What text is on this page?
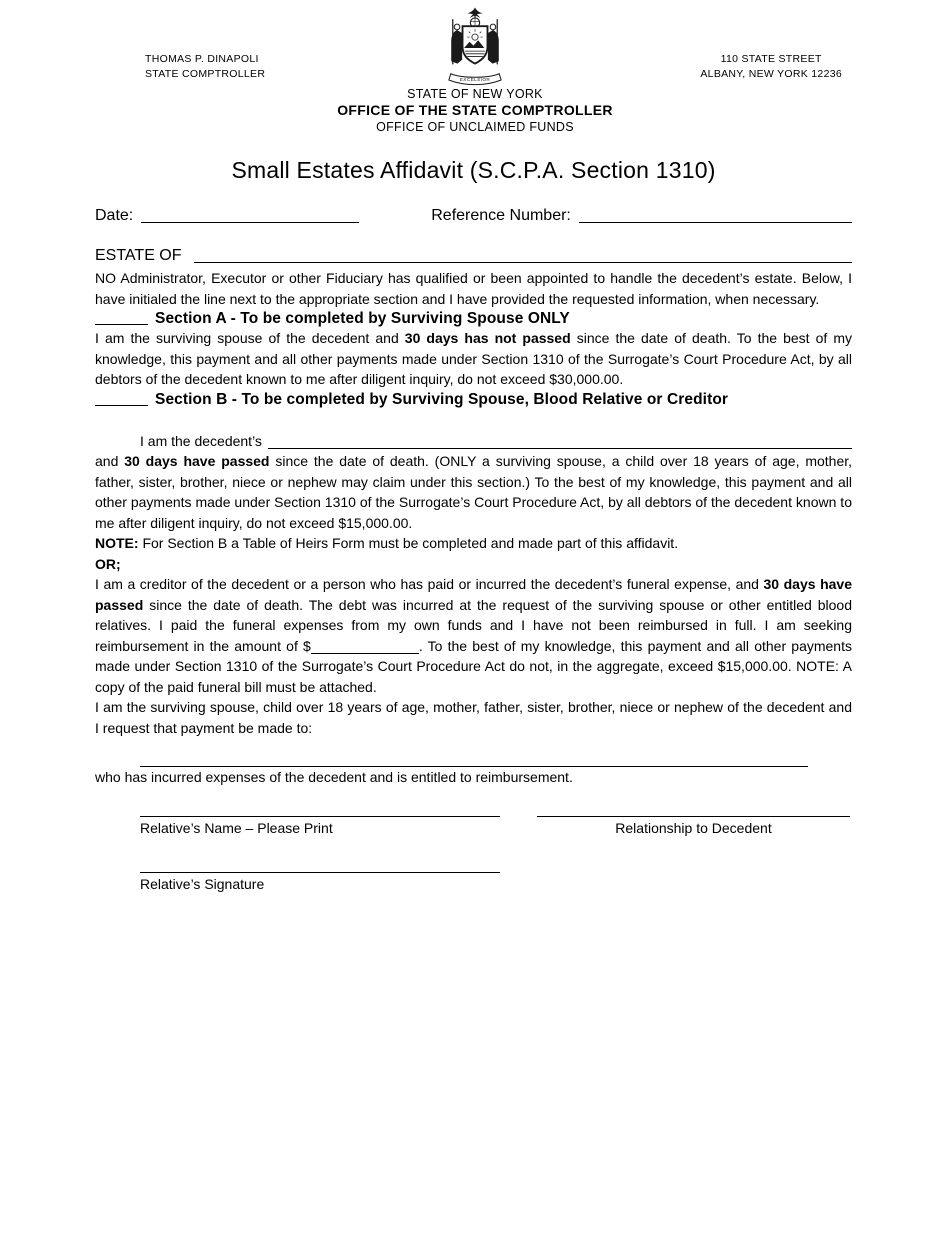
THOMAS P. DINAPOLI
STATE COMPTROLLER
EXCELSIOR
110 STATE STREET
ALBANY, NEW YORK 12236
STATE OF NEW YORK
OFFICE OF THE STATE COMPTROLLER
OFFICE OF UNCLAIMED FUNDS
Small Estates Affidavit (S.C.P.A. Section 1310)
Date:	Reference Number:
ESTATE OF

NO Administrator, Executor or other Fiduciary has qualified or been appointed to handle the decedent’s estate. Below, I have initialed the line next to the appropriate section and I have provided the requested information, when necessary.

Section A - To be completed by Surviving Spouse ONLY

I am the surviving spouse of the decedent and 30 days has not passed since the date of death. To the best of my knowledge, this payment and all other payments made under Section 1310 of the Surrogate’s Court Procedure Act, by all debtors of the decedent known to me after diligent inquiry, do not exceed $30,000.00.

Section B - To be completed by Surviving Spouse, Blood Relative or Creditor
I am the decedent’s

and 30 days have passed since the date of death. (ONLY a surviving spouse, a child over 18 years of age, mother, father, sister, brother, niece or nephew may claim under this section.) To the best of my knowledge, this payment and all other payments made under Section 1310 of the Surrogate’s Court Procedure Act, by all debtors of the decedent known to me after diligent inquiry, do not exceed $15,000.00.

NOTE: For Section B a Table of Heirs Form must be completed and made part of this affidavit.

OR;

I am a creditor of the decedent or a person who has paid or incurred the decedent’s funeral expense, and 30 days have passed since the date of death. The debt was incurred at the request of the surviving spouse or other entitled blood relatives. I paid the funeral expenses from my own funds and I have not been reimbursed in full. I am seeking reimbursement in the amount of $	. To the best of my knowledge, this payment and all other payments made under Section 1310 of the Surrogate’s Court Procedure Act do not, in the aggregate, exceed $15,000.00. NOTE: A copy of the paid funeral bill must be attached.

I am the surviving spouse, child over 18 years of age, mother, father, sister, brother, niece or nephew of the decedent and I request that payment be made to:

who has incurred expenses of the decedent and is entitled to reimbursement.

Relative’s Name – Please Print	Relationship to Decedent
Relative’s Signature
